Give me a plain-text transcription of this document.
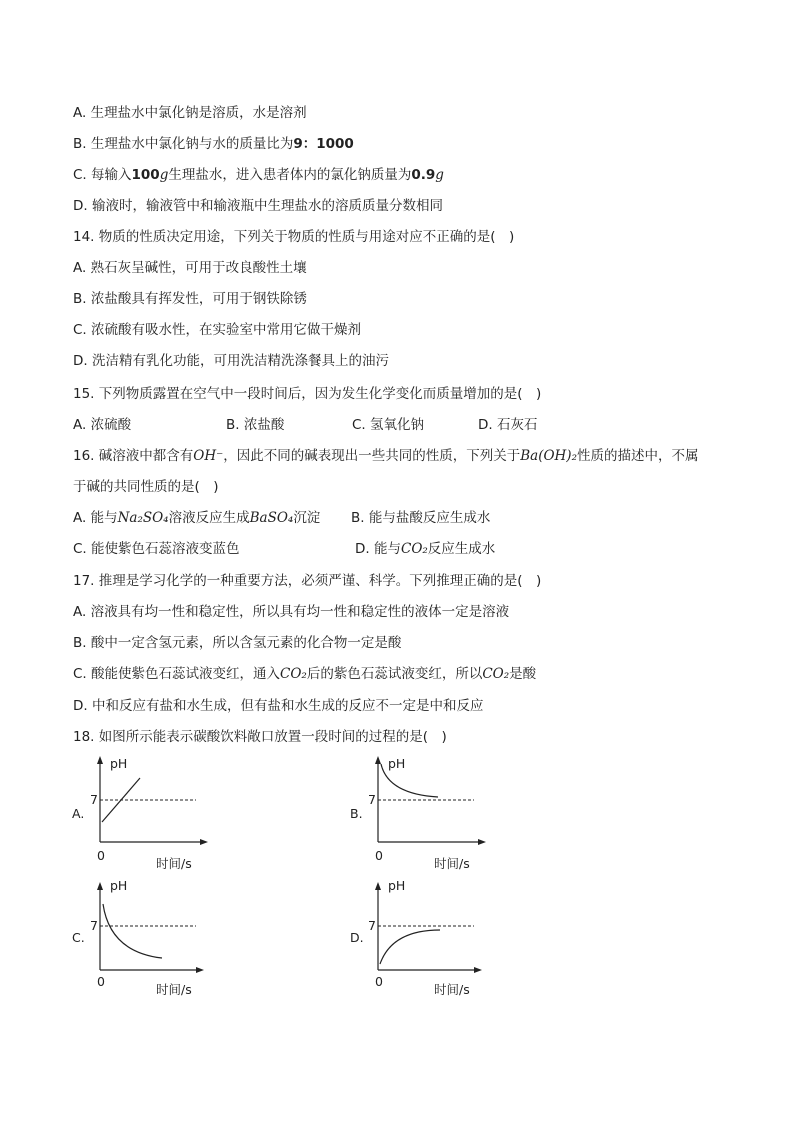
A. 生理盐水中氯化钠是溶质，水是溶剂
B. 生理盐水中氯化钠与水的质量比为9：1000
C. 每输入100g生理盐水，进入患者体内的氯化钠质量为0.9g
D. 输液时，输液管中和输液瓶中生理盐水的溶质质量分数相同
14. 物质的性质决定用途，下列关于物质的性质与用途对应不正确的是(　)
A. 熟石灰呈碱性，可用于改良酸性土壤
B. 浓盐酸具有挥发性，可用于钢铁除锈
C. 浓硫酸有吸水性，在实验室中常用它做干燥剂
D. 洗洁精有乳化功能，可用洗洁精洗涤餐具上的油污
15. 下列物质露置在空气中一段时间后，因为发生化学变化而质量增加的是(　)
A. 浓硫酸	B. 浓盐酸	C. 氢氧化钠	D. 石灰石
16. 碱溶液中都含有OH⁻，因此不同的碱表现出一些共同的性质，下列关于Ba(OH)₂性质的描述中，不属
于碱的共同性质的是(　)
A. 能与Na₂SO₄溶液反应生成BaSO₄沉淀 B. 能与盐酸反应生成水
C. 能使紫色石蕊溶液变蓝色	D. 能与CO₂反应生成水
17. 推理是学习化学的一种重要方法，必须严谨、科学。下列推理正确的是(　)
A. 溶液具有均一性和稳定性，所以具有均一性和稳定性的液体一定是溶液
B. 酸中一定含氢元素，所以含氢元素的化合物一定是酸
C. 酸能使紫色石蕊试液变红，通入CO₂后的紫色石蕊试液变红，所以CO₂是酸
D. 中和反应有盐和水生成，但有盐和水生成的反应不一定是中和反应
18. 如图所示能表示碳酸饮料敞口放置一段时间的过程的是(　)
A.
pH
7
0
时间/s
B.
pH
7
0
时间/s
C.
pH
7
0
时间/s
D.
pH
7
0
时间/s
